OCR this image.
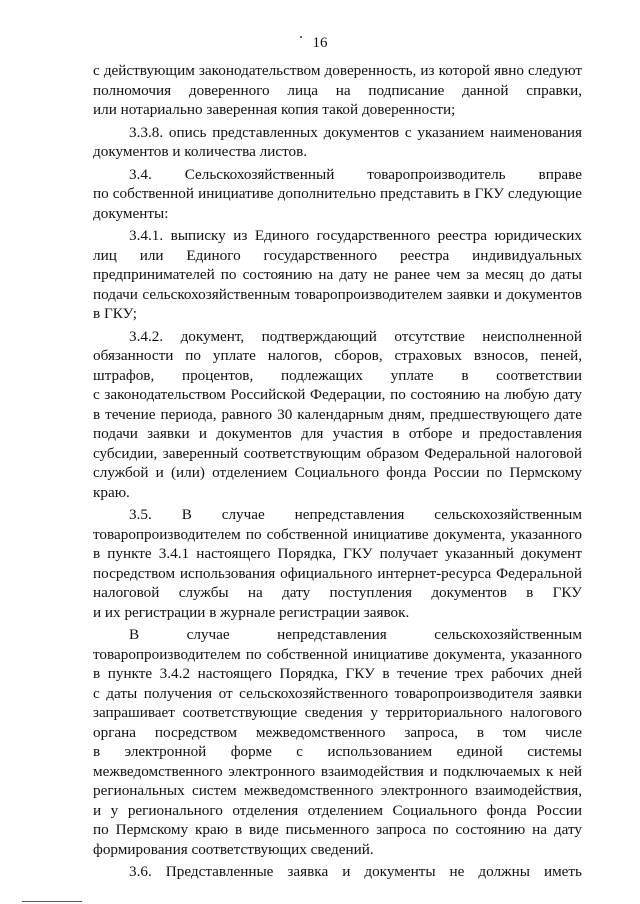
16
с действующим законодательством доверенность, из которой явно следуют
полномочия доверенного лица на подписание данной справки,
или нотариально заверенная копия такой доверенности;
3.3.8. опись представленных документов с указанием наименования
документов и количества листов.
3.4. Сельскохозяйственный товаропроизводитель вправе
по собственной инициативе дополнительно представить в ГКУ следующие
документы:
3.4.1. выписку из Единого государственного реестра юридических
лиц или Единого государственного реестра индивидуальных
предпринимателей по состоянию на дату не ранее чем за месяц до даты
подачи сельскохозяйственным товаропроизводителем заявки и документов
в ГКУ;
3.4.2. документ, подтверждающий отсутствие неисполненной
обязанности по уплате налогов, сборов, страховых взносов, пеней,
штрафов, процентов, подлежащих уплате в соответствии
с законодательством Российской Федерации, по состоянию на любую дату
в течение периода, равного 30 календарным дням, предшествующего дате
подачи заявки и документов для участия в отборе и предоставления
субсидии, заверенный соответствующим образом Федеральной налоговой
службой и (или) отделением Социального фонда России по Пермскому
краю.
3.5. В случае непредставления сельскохозяйственным
товаропроизводителем по собственной инициативе документа, указанного
в пункте 3.4.1 настоящего Порядка, ГКУ получает указанный документ
посредством использования официального интернет-ресурса Федеральной
налоговой службы на дату поступления документов в ГКУ
и их регистрации в журнале регистрации заявок.
В случае непредставления сельскохозяйственным
товаропроизводителем по собственной инициативе документа, указанного
в пункте 3.4.2 настоящего Порядка, ГКУ в течение трех рабочих дней
с даты получения от сельскохозяйственного товаропроизводителя заявки
запрашивает соответствующие сведения у территориального налогового
органа посредством межведомственного запроса, в том числе
в электронной форме с использованием единой системы
межведомственного электронного взаимодействия и подключаемых к ней
региональных систем межведомственного электронного взаимодействия,
и у регионального отделения отделением Социального фонда России
по Пермскому краю в виде письменного запроса по состоянию на дату
формирования соответствующих сведений.
3.6. Представленные заявка и документы не должны иметь
